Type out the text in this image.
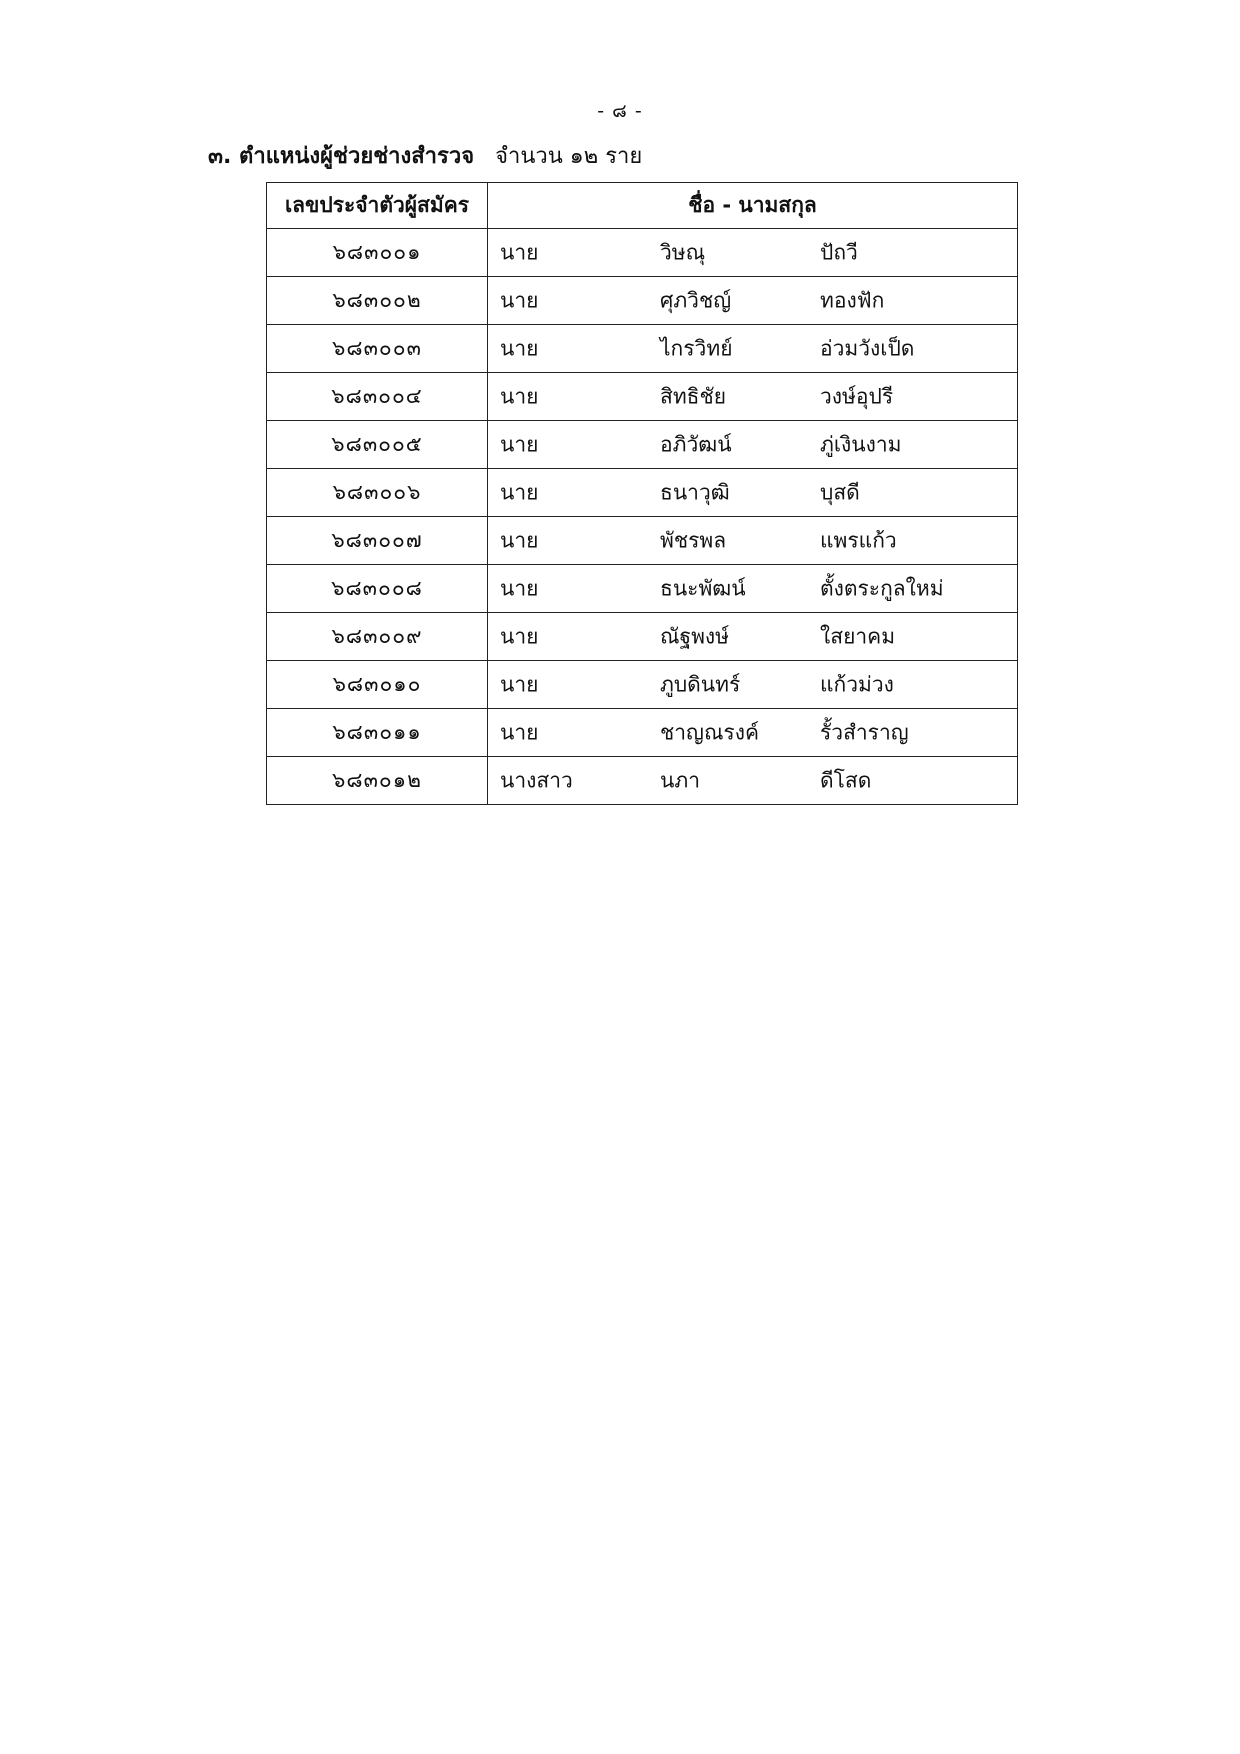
- ๘ -
๓. ตำแหน่งผู้ช่วยช่างสำรวจ จำนวน ๑๒ ราย
เลขประจำตัวผู้สมัคร	ชื่อ - นามสกุล
๖๘๓๐๐๑	นาย วิษณุ ปัถวี

๖๘๓๐๐๒	นาย ศุภวิชญ์ ทองฟัก

๖๘๓๐๐๓	นาย ไกรวิทย์ อ่วมวังเป็ด

๖๘๓๐๐๔	นาย สิทธิชัย วงษ์อุปรี

๖๘๓๐๐๕	นาย อภิวัฒน์ ภู่เงินงาม

๖๘๓๐๐๖	นาย ธนาวุฒิ บุสดี

๖๘๓๐๐๗	นาย พัชรพล แพรแก้ว

๖๘๓๐๐๘	นาย ธนะพัฒน์ ตั้งตระกูลใหม่

๖๘๓๐๐๙	นาย ณัฐพงษ์ ใสยาคม

๖๘๓๐๑๐	นาย ภูบดินทร์ แก้วม่วง

๖๘๓๐๑๑	นาย ชาญณรงค์ รั้วสำราญ

๖๘๓๐๑๒	นางสาว นภา ดีโสด
